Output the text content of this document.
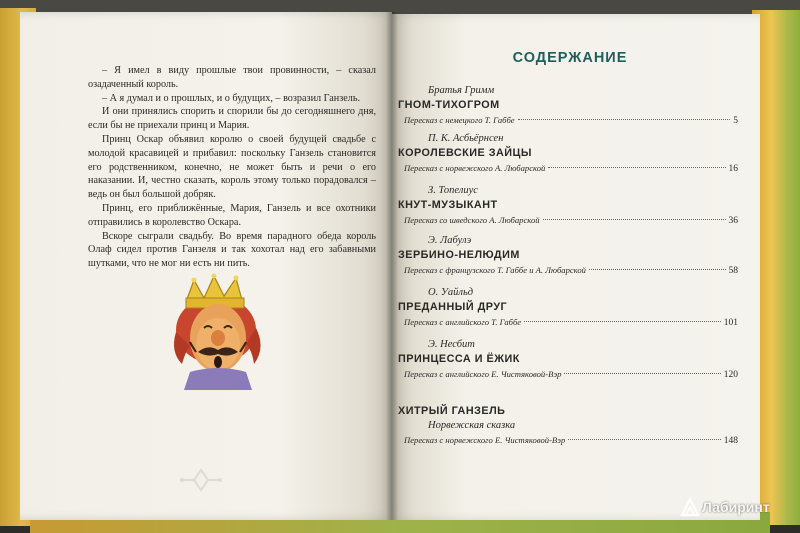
– Я имел в виду прошлые твои провинности, – сказал озадаченный король.

– А я думал и о прошлых, и о будущих, – возразил Ганзель.

И они принялись спорить и спорили бы до сегодняшнего дня, если бы не приехали принц и Мария.

Принц Оскар объявил королю о своей будущей свадьбе с молодой красавицей и прибавил: поскольку Ганзель становится его родственником, конечно, не может быть и речи о его наказании. И, честно сказать, король этому только порадовался – ведь он был большой добряк.

Принц, его приближённые, Мария, Ганзель и все охотники отправились в королевство Оскара.

Вскоре сыграли свадьбу. Во время парадного обеда король Олаф сидел против Ганзеля и так хохотал над его забавными шутками, что не мог ни есть ни пить.

СОДЕРЖАНИЕ
Братья Гримм
ГНОМ-ТИХОГРОМ
Пересказ с немецкого Т. Габбе	5
П. К. Асбьёрнсен
КОРОЛЕВСКИЕ ЗАЙЦЫ
Пересказ с норвежского А. Любарской	16
З. Топелиус
КНУТ-МУЗЫКАНТ
Пересказ со шведского А. Любарской	36
Э. Лабулэ
ЗЕРБИНО-НЕЛЮДИМ
Пересказ с французского Т. Габбе и А. Любарской	58
О. Уайльд
ПРЕДАННЫЙ ДРУГ
Пересказ с английского Т. Габбе	101
Э. Несбит
ПРИНЦЕССА И ЁЖИК
Пересказ с английского Е. Чистяковой-Вэр	120
ХИТРЫЙ ГАНЗЕЛЬ
Норвежская сказка
Пересказ с норвежского Е. Чистяковой-Вэр	148
Лабиринт
